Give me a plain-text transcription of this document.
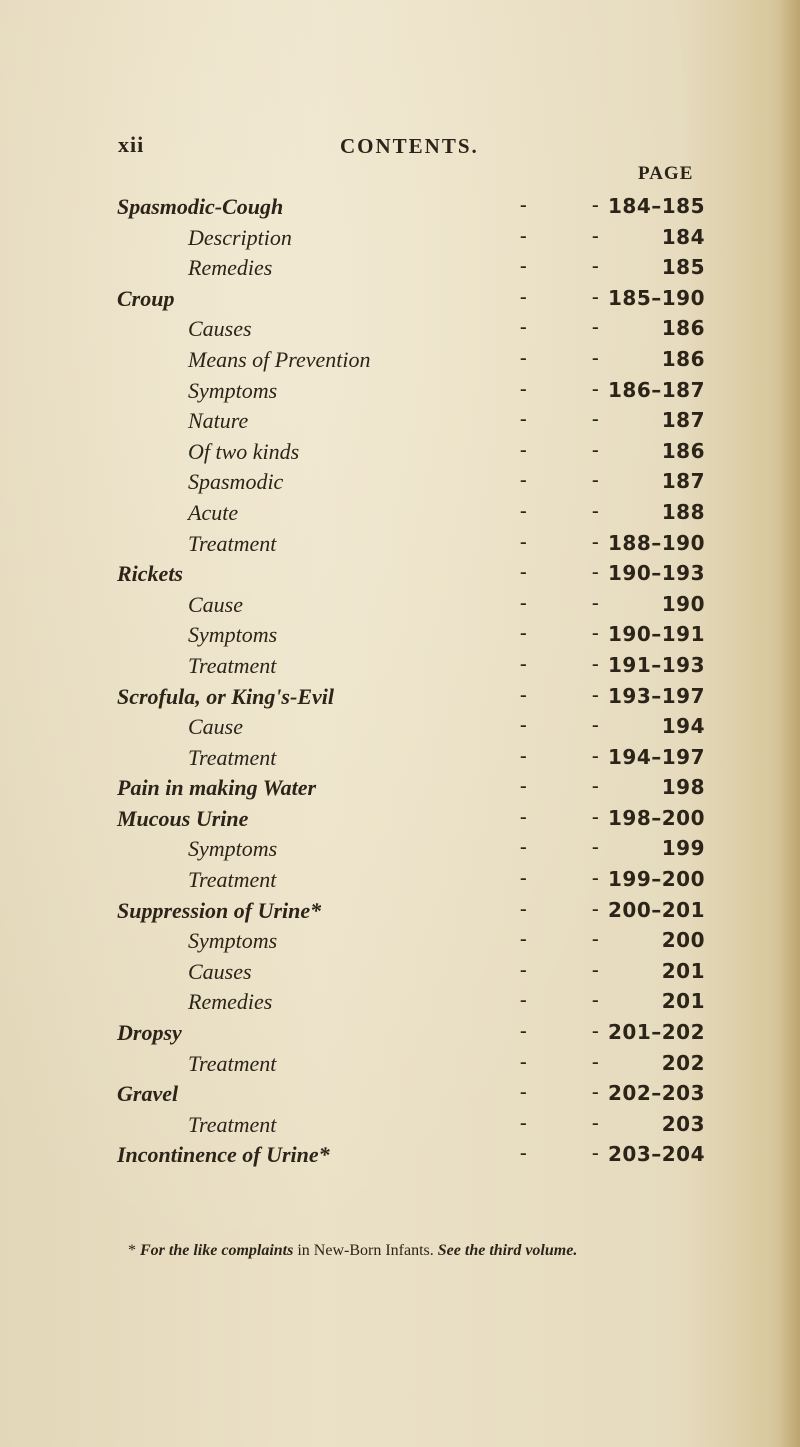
xii	CONTENTS.
PAGE
Spasmodic-Cough	-	- 184–185
Description	-	-	184
Remedies	-	-	185
Croup	-	- 185–190
Causes	-	-	186
Means of Prevention	-	-	186
Symptoms	-	- 186–187
Nature	-	-	187
Of two kinds	-	-	186
Spasmodic	-	-	187
Acute	-	-	188
Treatment	-	- 188–190
Rickets	-	- 190–193
Cause	-	-	190
Symptoms	-	- 190–191
Treatment	-	- 191–193
Scrofula, or King's-Evil	-	- 193–197
Cause	-	-	194
Treatment	-	- 194–197
Pain in making Water	-	-	198
Mucous Urine	-	- 198–200
Symptoms	-	-	199
Treatment	-	- 199–200
Suppression of Urine*	-	- 200–201
Symptoms	-	-	200
Causes	-	-	201
Remedies	-	-	201
Dropsy	-	- 201–202
Treatment	-	-	202
Gravel	-	- 202–203
Treatment	-	-	203
Incontinence of Urine*	-	- 203–204
* For the like complaints in New-Born Infants. See the third volume.
